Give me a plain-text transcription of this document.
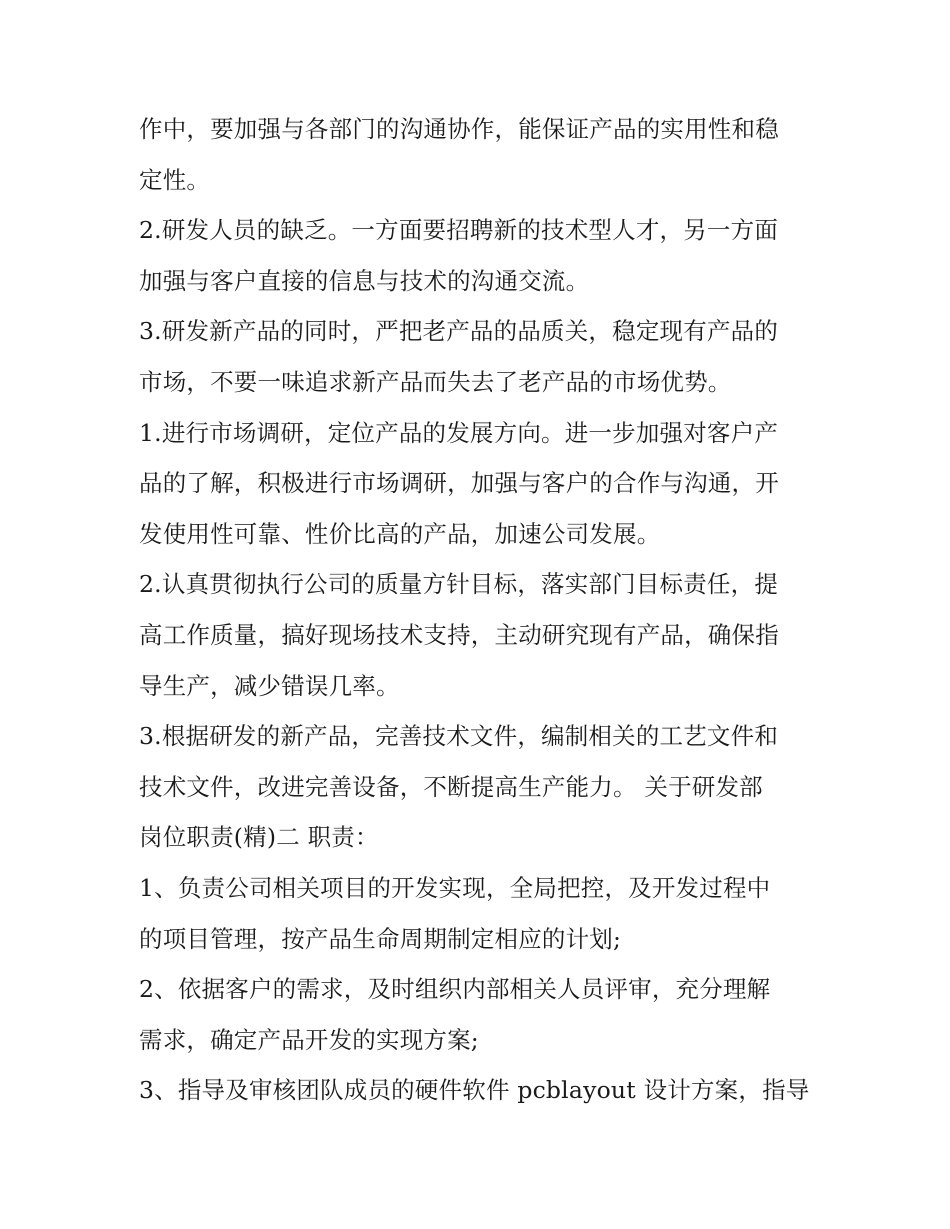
作中，要加强与各部门的沟通协作，能保证产品的实用性和稳
定性。
2.研发人员的缺乏。一方面要招聘新的技术型人才，另一方面
加强与客户直接的信息与技术的沟通交流。
3.研发新产品的同时，严把老产品的品质关，稳定现有产品的
市场，不要一味追求新产品而失去了老产品的市场优势。
1.进行市场调研，定位产品的发展方向。进一步加强对客户产
品的了解，积极进行市场调研，加强与客户的合作与沟通，开
发使用性可靠、性价比高的产品，加速公司发展。
2.认真贯彻执行公司的质量方针目标，落实部门目标责任，提
高工作质量，搞好现场技术支持，主动研究现有产品，确保指
导生产，减少错误几率。
3.根据研发的新产品，完善技术文件，编制相关的工艺文件和
技术文件，改进完善设备，不断提高生产能力。 关于研发部
岗位职责(精)二 职责：
1、负责公司相关项目的开发实现，全局把控，及开发过程中
的项目管理，按产品生命周期制定相应的计划;
2、依据客户的需求，及时组织内部相关人员评审，充分理解
需求，确定产品开发的实现方案;
3、指导及审核团队成员的硬件软件 pcblayout 设计方案，指导
